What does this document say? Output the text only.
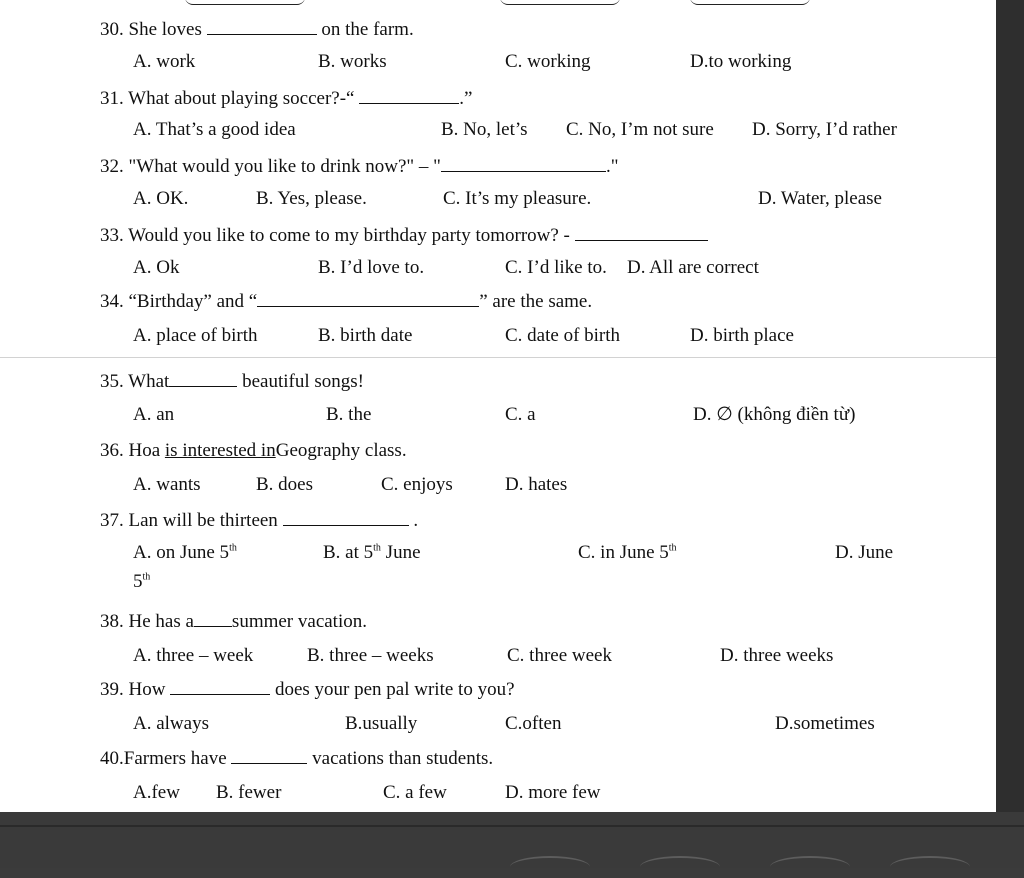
30. She loves	on the farm.
A. work	B. works	C. working	D.to working
31. What about playing soccer?-“	.”
A. That’s a good idea	B. No, let’s C. No, I’m not sure D. Sorry, I’d rather
32. "What would you like to drink now?" – "	."
A. OK.	B. Yes, please.	C. It’s my pleasure.	D. Water, please
33. Would you like to come to my birthday party tomorrow? -
A. Ok	B. I’d love to.	C. I’d like to. D. All are correct
34. “Birthday” and “	” are the same.
A. place of birth	B. birth date	C. date of birth	D. birth place
35. What	beautiful songs!
A. an	B. the	C. a	D. ∅ (không điền từ)
36. Hoa is interested inGeography class.
A. wants	B. does	C. enjoys	D. hates
37. Lan will be thirteen	.
A. on June 5th	B. at 5th June	C. in June 5th	D. June
5th
38. He has a summer vacation.
A. three – week	B. three – weeks	C. three week	D. three weeks
39. How	does your pen pal write to you?
A. always	B.usually	C.often	D.sometimes
40.Farmers have	vacations than students.
A.few B. fewer	C. a few	D. more few
